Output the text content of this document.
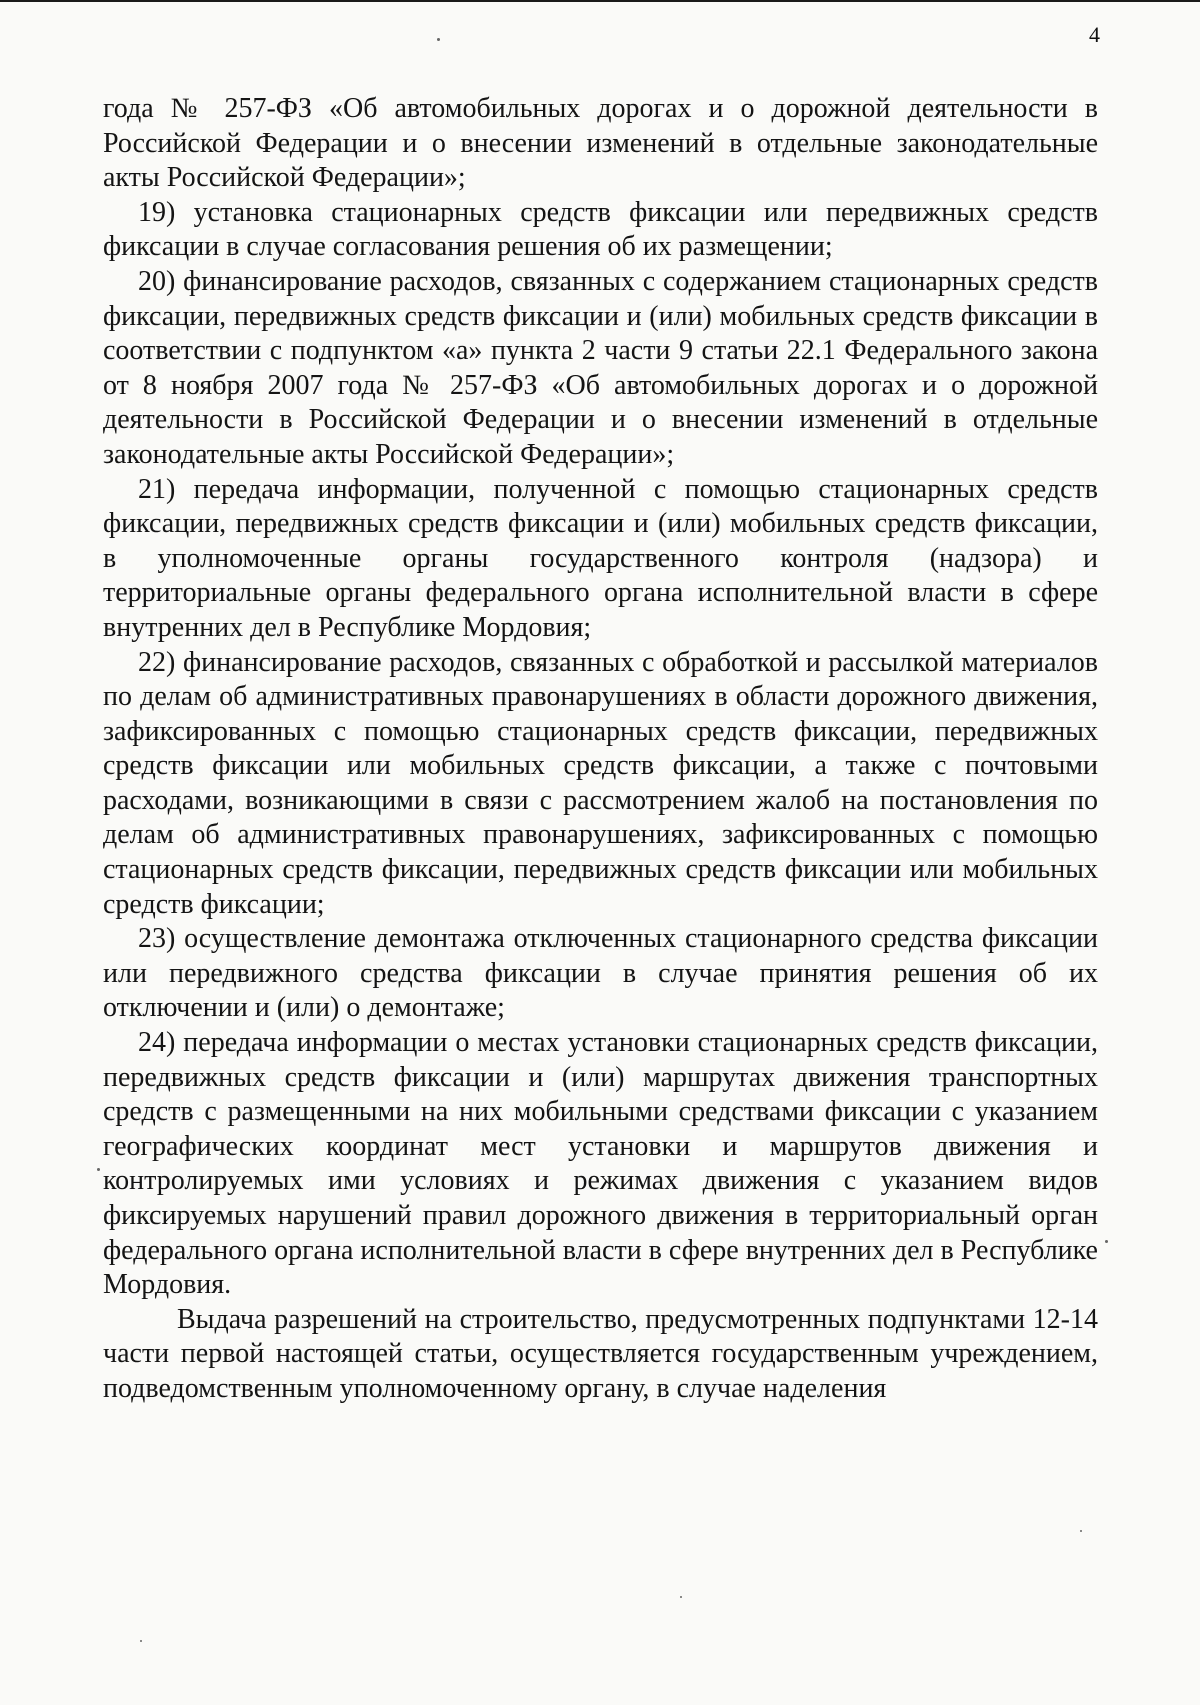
4

года № 257-ФЗ «Об автомобильных дорогах и о дорожной деятельности в Российской Федерации и о внесении изменений в отдельные законодательные акты Российской Федерации»;

19) установка стационарных средств фиксации или передвижных средств фиксации в случае согласования решения об их размещении;

20) финансирование расходов, связанных с содержанием стационарных средств фиксации, передвижных средств фиксации и (или) мобильных средств фиксации в соответствии с подпунктом «а» пункта 2 части 9 статьи 22.1 Федерального закона от 8 ноября 2007 года № 257-ФЗ «Об автомобильных дорогах и о дорожной деятельности в Российской Федерации и о внесении изменений в отдельные законодательные акты Российской Федерации»;

21) передача информации, полученной с помощью стационарных средств фиксации, передвижных средств фиксации и (или) мобильных средств фиксации, в уполномоченные органы государственного контроля (надзора) и территориальные органы федерального органа исполнительной власти в сфере внутренних дел в Республике Мордовия;

22) финансирование расходов, связанных с обработкой и рассылкой материалов по делам об административных правонарушениях в области дорожного движения, зафиксированных с помощью стационарных средств фиксации, передвижных средств фиксации или мобильных средств фиксации, а также с почтовыми расходами, возникающими в связи с рассмотрением жалоб на постановления по делам об административных правонарушениях, зафиксированных с помощью стационарных средств фиксации, передвижных средств фиксации или мобильных средств фиксации;

23) осуществление демонтажа отключенных стационарного средства фиксации или передвижного средства фиксации в случае принятия решения об их отключении и (или) о демонтаже;

24) передача информации о местах установки стационарных средств фиксации, передвижных средств фиксации и (или) маршрутах движения транспортных средств с размещенными на них мобильными средствами фиксации с указанием географических координат мест установки и маршрутов движения и контролируемых ими условиях и режимах движения с указанием видов фиксируемых нарушений правил дорожного движения в территориальный орган федерального органа исполнительной власти в сфере внутренних дел в Республике Мордовия.

Выдача разрешений на строительство, предусмотренных подпунктами 12-14 части первой настоящей статьи, осуществляется государственным учреждением, подведомственным уполномоченному органу, в случае наделения
